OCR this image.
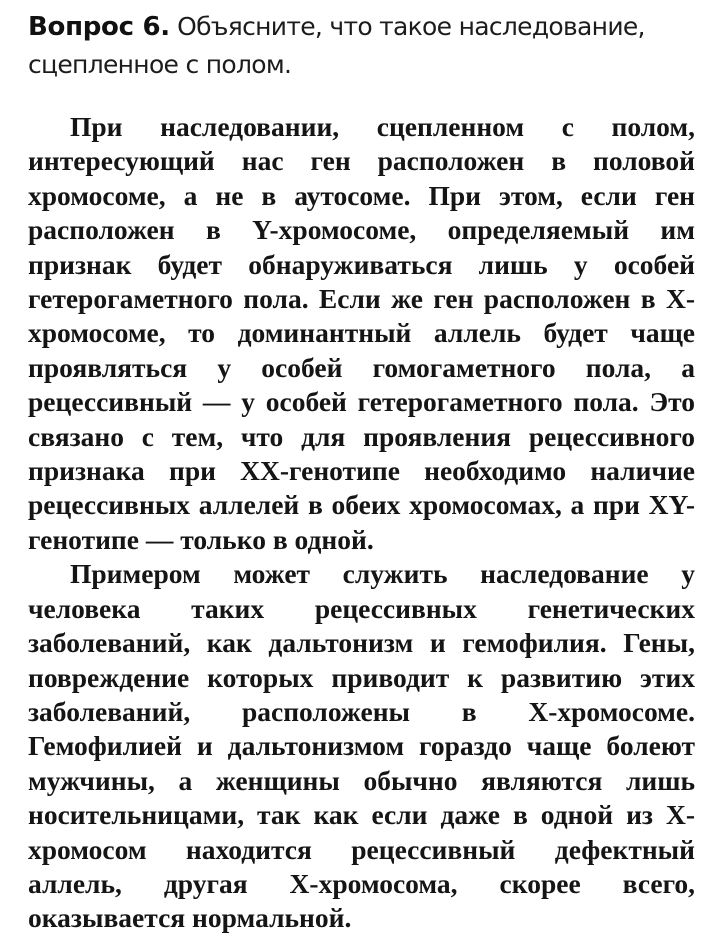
Вопрос 6. Объясните, что такое наследование, сцепленное с полом.

При наследовании, сцепленном с полом, интересующий нас ген расположен в половой хромосоме, а не в аутосоме. При этом, если ген расположен в Y-хромосоме, определяемый им признак будет обнаруживаться лишь у особей гетерогаметного пола. Если же ген расположен в X-хромосоме, то доминантный аллель будет чаще проявляться у особей гомогаметного пола, а рецессивный — у особей гетерогаметного пола. Это связано с тем, что для проявления рецессивного признака при XX-генотипе необходимо наличие рецессивных аллелей в обеих хромосомах, а при XY-генотипе — только в одной.

Примером может служить наследование у человека таких рецессивных генетических заболеваний, как дальтонизм и гемофилия. Гены, повреждение которых приводит к развитию этих заболеваний, расположены в X-хромосоме. Гемофилией и дальтонизмом гораздо чаще болеют мужчины, а женщины обычно являются лишь носительницами, так как если даже в одной из X-хромосом находится рецессивный дефектный аллель, другая X-хромосома, скорее всего, оказывается нормальной.
